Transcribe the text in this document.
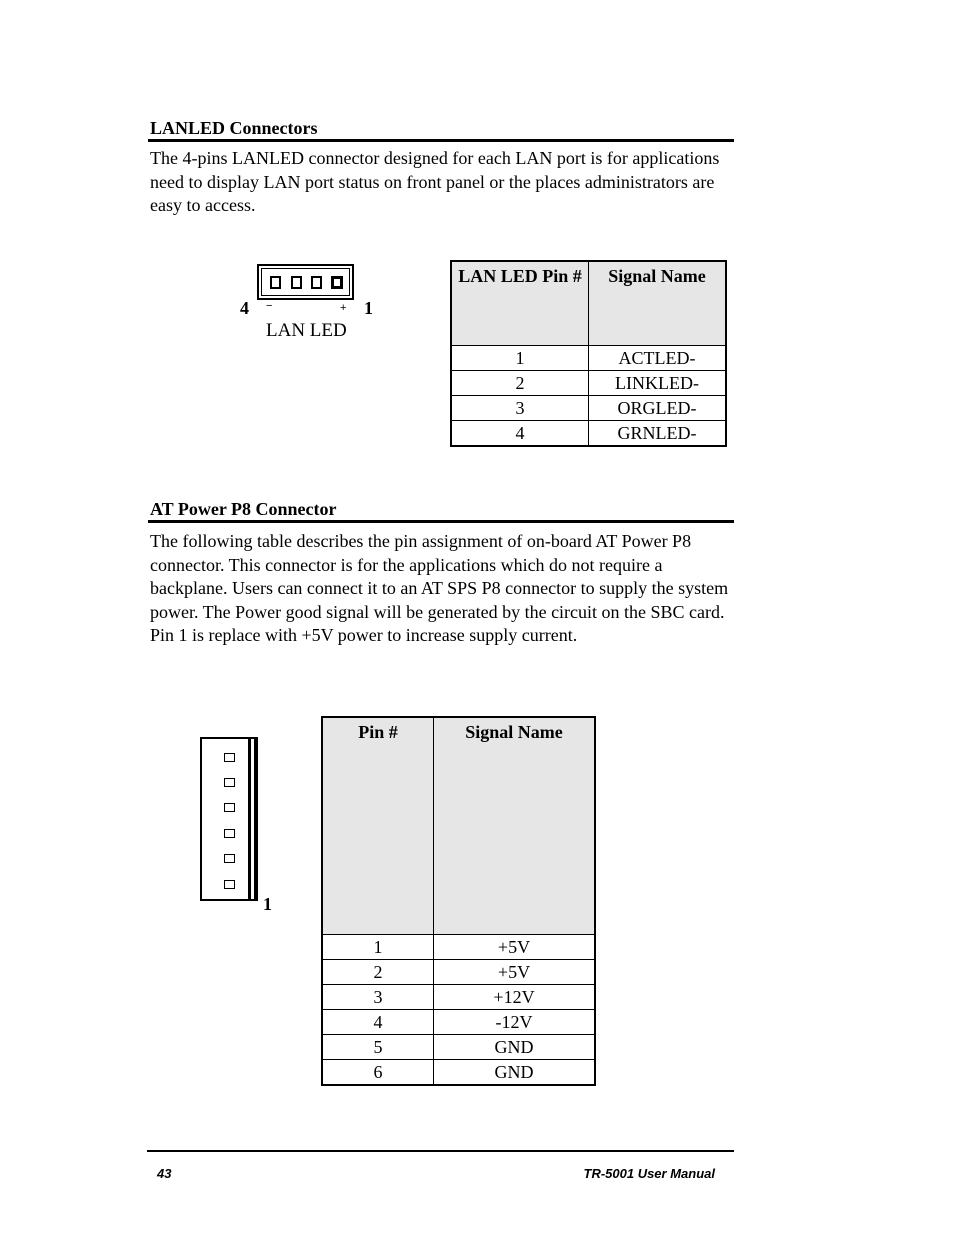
LANLED Connectors

The 4-pins LANLED connector designed for each LAN port is for applications need to display LAN port status on front panel or the places administrators are easy to access.

4 −	+ 1
LAN LED
LAN LED Pin #	Signal Name
1	ACTLED-
2	LINKLED-
3	ORGLED-
4	GRNLED-
AT Power P8 Connector

The following table describes the pin assignment of on-board AT Power P8 connector. This connector is for the applications which do not require a backplane. Users can connect it to an AT SPS P8 connector to supply the system power. The Power good signal will be generated by the circuit on the SBC card. Pin 1 is replace with +5V power to increase supply current.

1
Pin #	Signal Name
1	+5V
2	+5V
3	+12V
4	-12V
5	GND
6	GND
43	TR-5001 User Manual
